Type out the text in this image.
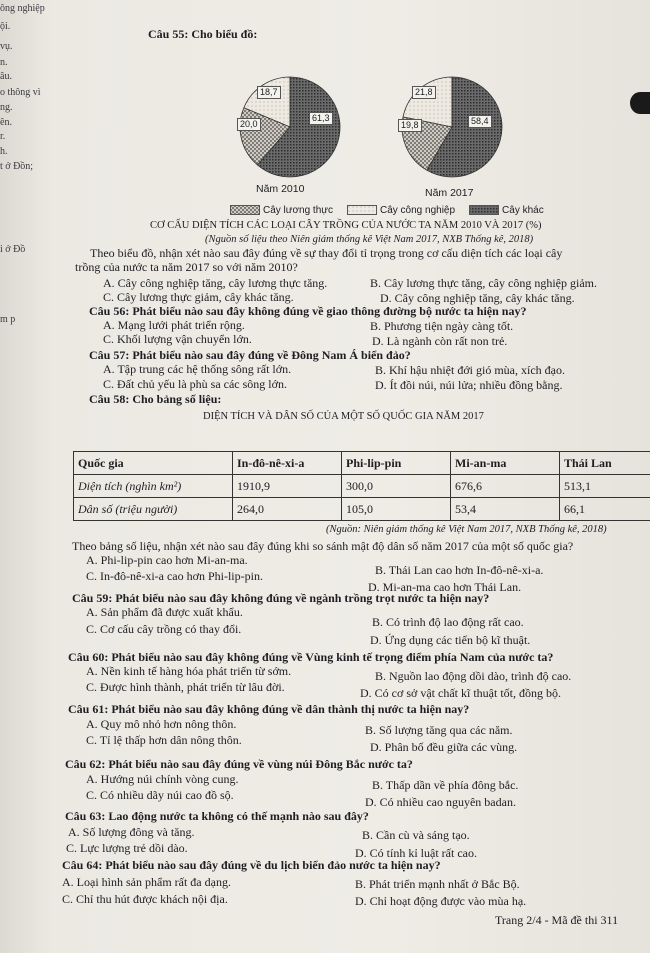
ông nghiệp
ội.
vụ.
n.
âu.
o thông vì
ng.
ên.
r.
h.
t ở Đồn;
i ở Đồ
m p
Câu 55: Cho biểu đồ:
18,7
20,0
61,3
21,8
19,8	58,4
Năm 2010	Năm 2017
Cây lương thực	Cây công nghiệp	Cây khác
CƠ CẤU DIỆN TÍCH CÁC LOẠI CÂY TRỒNG CỦA NƯỚC TA NĂM 2010 VÀ 2017 (%)
(Nguồn số liệu theo Niên giám thống kê Việt Nam 2017, NXB Thống kê, 2018)
Theo biểu đồ, nhận xét nào sau đây đúng về sự thay đổi tỉ trọng trong cơ cấu diện tích các loại cây
trồng của nước ta năm 2017 so với năm 2010?
A. Cây công nghiệp tăng, cây lương thực tăng.	B. Cây lương thực tăng, cây công nghiệp giảm.
C. Cây lương thực giảm, cây khác tăng.	D. Cây công nghiệp tăng, cây khác tăng.
Câu 56: Phát biểu nào sau đây không đúng về giao thông đường bộ nước ta hiện nay?
A. Mạng lưới phát triển rộng.	B. Phương tiện ngày càng tốt.
C. Khối lượng vận chuyển lớn.	D. Là ngành còn rất non trẻ.
Câu 57: Phát biểu nào sau đây đúng về Đông Nam Á biển đảo?
A. Tập trung các hệ thống sông rất lớn.	B. Khí hậu nhiệt đới gió mùa, xích đạo.
C. Đất chủ yếu là phù sa các sông lớn.	D. Ít đồi núi, núi lửa; nhiều đồng bằng.
Câu 58: Cho bảng số liệu:
DIỆN TÍCH VÀ DÂN SỐ CỦA MỘT SỐ QUỐC GIA NĂM 2017
Quốc gia	In-đô-nê-xi-a	Phi-lip-pin	Mi-an-ma	Thái Lan
Diện tích (nghìn km²)	1910,9	300,0	676,6	513,1
Dân số (triệu người)	264,0	105,0	53,4	66,1
(Nguồn: Niên giám thống kê Việt Nam 2017, NXB Thống kê, 2018)
Theo bảng số liệu, nhận xét nào sau đây đúng khi so sánh mật độ dân số năm 2017 của một số quốc gia?
A. Phi-lip-pin cao hơn Mi-an-ma.
B. Thái Lan cao hơn In-đô-nê-xi-a.
C. In-đô-nê-xi-a cao hơn Phi-lip-pin.
D. Mi-an-ma cao hơn Thái Lan.
Câu 59: Phát biểu nào sau đây không đúng về ngành trồng trọt nước ta hiện nay?
A. Sản phẩm đã được xuất khẩu.
B. Có trình độ lao động rất cao.
C. Cơ cấu cây trồng có thay đổi.
D. Ứng dụng các tiến bộ kĩ thuật.
Câu 60: Phát biểu nào sau đây không đúng về Vùng kinh tế trọng điểm phía Nam của nước ta?
A. Nền kinh tế hàng hóa phát triển từ sớm.	B. Nguồn lao động dồi dào, trình độ cao.
C. Được hình thành, phát triển từ lâu đời.	D. Có cơ sở vật chất kĩ thuật tốt, đồng bộ.
Câu 61: Phát biểu nào sau đây không đúng về dân thành thị nước ta hiện nay?
A. Quy mô nhỏ hơn nông thôn.	B. Số lượng tăng qua các năm.
C. Tỉ lệ thấp hơn dân nông thôn.	D. Phân bố đều giữa các vùng.
Câu 62: Phát biểu nào sau đây đúng về vùng núi Đông Bắc nước ta?
A. Hướng núi chính vòng cung.	B. Thấp dần về phía đông bắc.
C. Có nhiều dãy núi cao đồ sộ.	D. Có nhiều cao nguyên badan.
Câu 63: Lao động nước ta không có thế mạnh nào sau đây?
A. Số lượng đông và tăng.	B. Cần cù và sáng tạo.
C. Lực lượng trẻ dồi dào.	D. Có tính kỉ luật rất cao.
Câu 64: Phát biểu nào sau đây đúng về du lịch biển đảo nước ta hiện nay?
A. Loại hình sản phẩm rất đa dạng.	B. Phát triển mạnh nhất ở Bắc Bộ.
C. Chỉ thu hút được khách nội địa.	D. Chỉ hoạt động được vào mùa hạ.
Trang 2/4 - Mã đề thi 311
